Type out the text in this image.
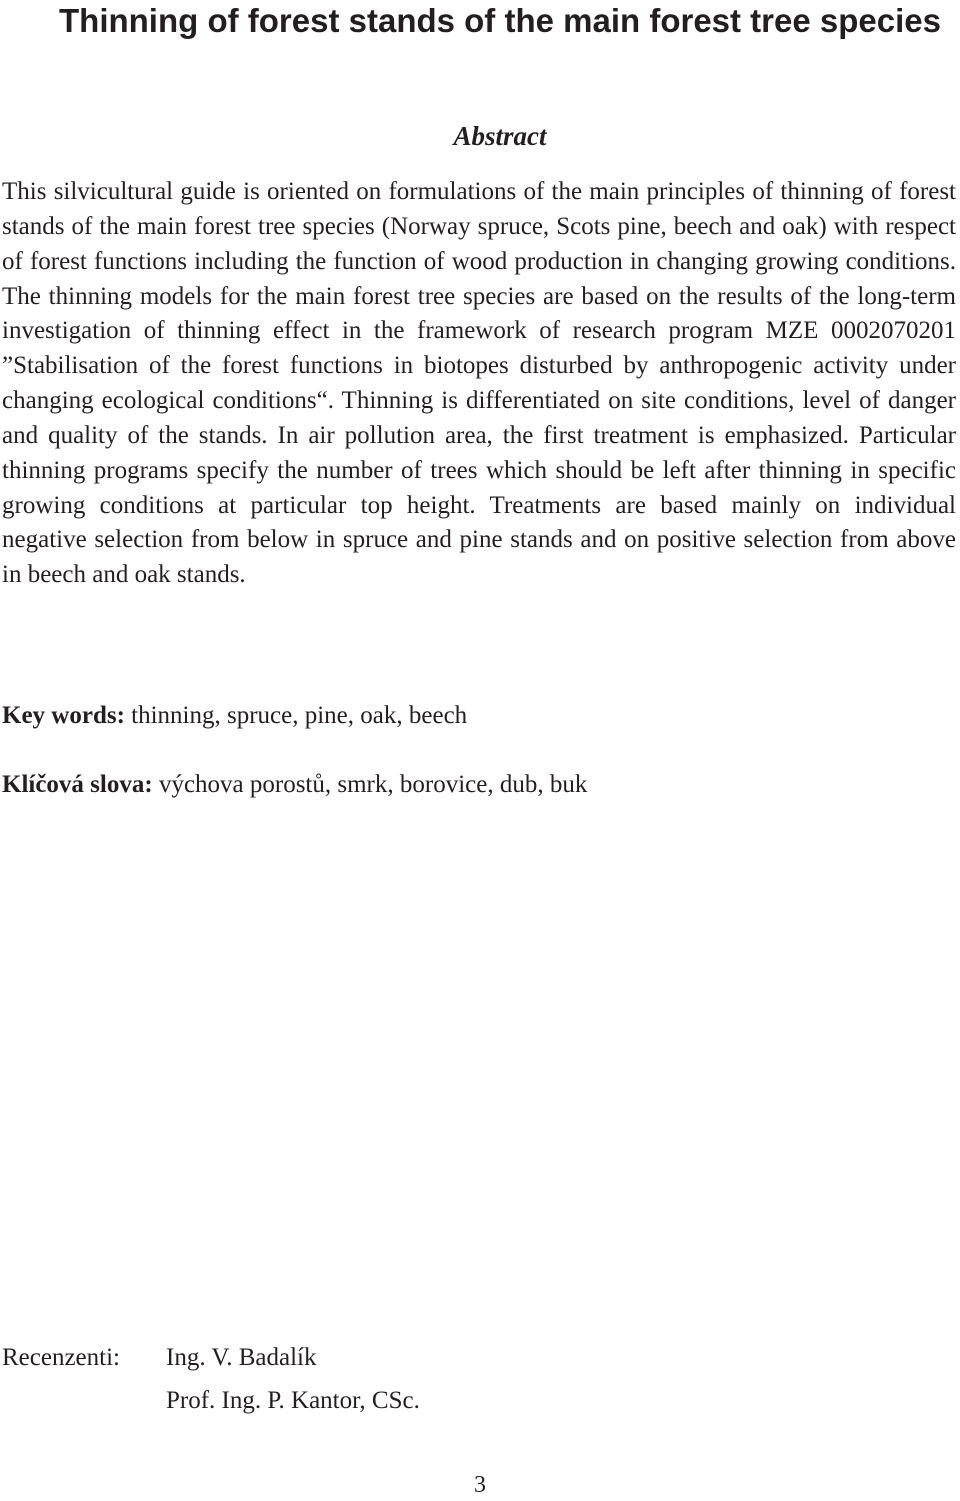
Thinning of forest stands of the main forest tree species
Abstract

This silvicultural guide is oriented on formulations of the main principles of thinning of forest stands of the main forest tree species (Norway spruce, Scots pine, beech and oak) with respect of forest functions including the function of wood production in changing growing conditions. The thinning models for the main forest tree species are based on the results of the long-term investigation of thinning effect in the framework of research program MZE 0002070201 ”Stabilisation of the forest functions in biotopes disturbed by anthropogenic activity under changing ecological conditions“. Thinning is differentiated on site conditions, level of danger and quality of the stands. In air pollution area, the first treatment is emphasized. Particular thinning programs specify the number of trees which should be left after thinning in specific growing conditions at particular top height. Treatments are based mainly on individual negative selection from below in spruce and pine stands and on positive selection from above in beech and oak stands.

Key words: thinning, spruce, pine, oak, beech

Klíčová slova: výchova porostů, smrk, borovice, dub, buk

Recenzenti: Ing. V. Badalík
Prof. Ing. P. Kantor, CSc.
3
